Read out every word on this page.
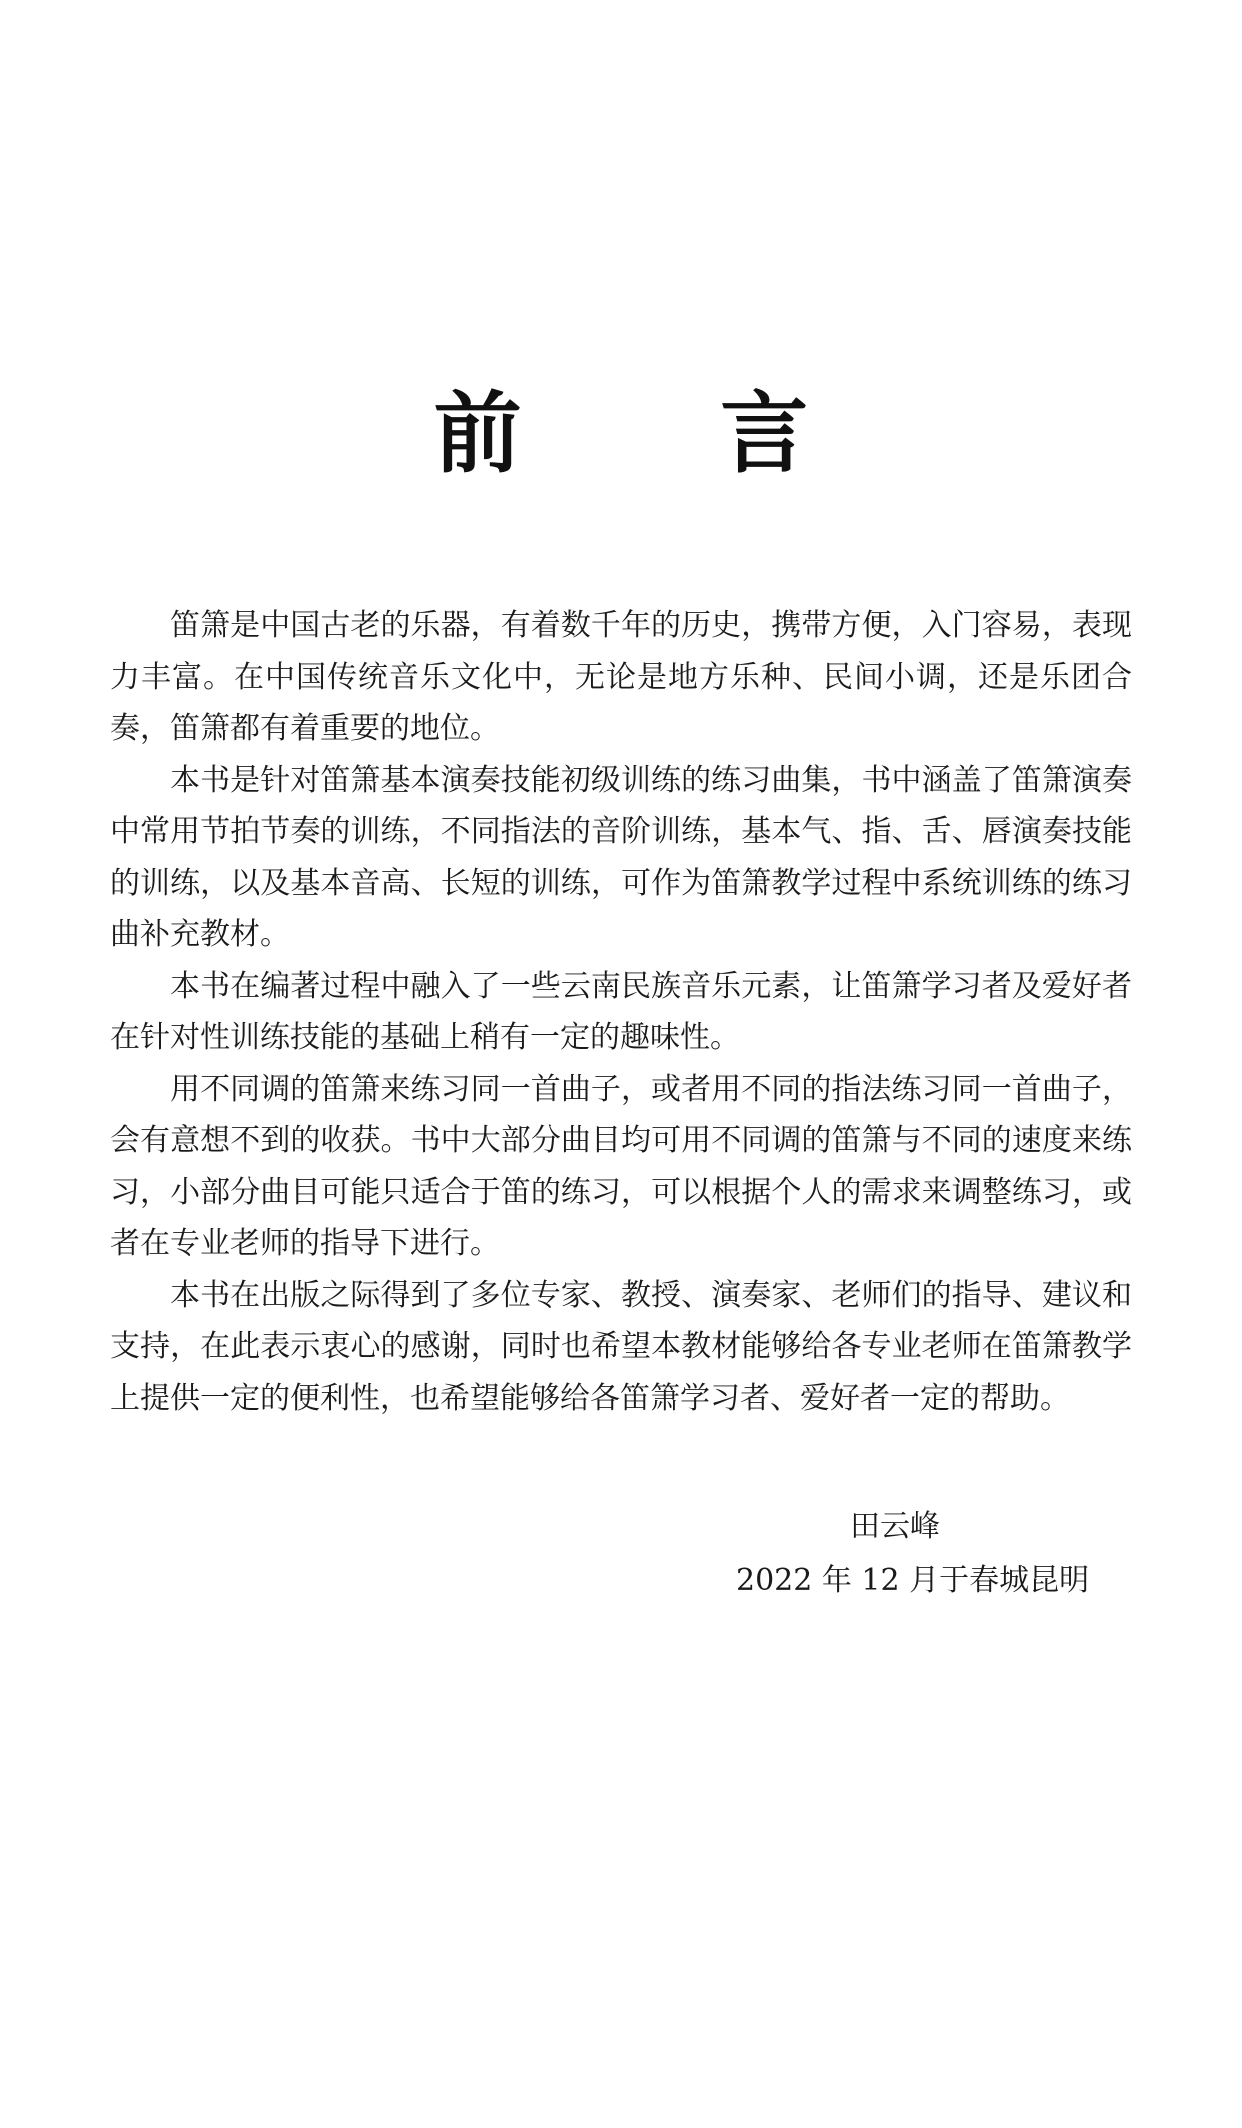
前 言

笛箫是中国古老的乐器，有着数千年的历史，携带方便，入门容易，表现力丰富。在中国传统音乐文化中，无论是地方乐种、民间小调，还是乐团合奏，笛箫都有着重要的地位。

本书是针对笛箫基本演奏技能初级训练的练习曲集，书中涵盖了笛箫演奏中常用节拍节奏的训练，不同指法的音阶训练，基本气、指、舌、唇演奏技能的训练，以及基本音高、长短的训练，可作为笛箫教学过程中系统训练的练习曲补充教材。

本书在编著过程中融入了一些云南民族音乐元素，让笛箫学习者及爱好者在针对性训练技能的基础上稍有一定的趣味性。

用不同调的笛箫来练习同一首曲子，或者用不同的指法练习同一首曲子，会有意想不到的收获。书中大部分曲目均可用不同调的笛箫与不同的速度来练习，小部分曲目可能只适合于笛的练习，可以根据个人的需求来调整练习，或者在专业老师的指导下进行。

本书在出版之际得到了多位专家、教授、演奏家、老师们的指导、建议和支持，在此表示衷心的感谢，同时也希望本教材能够给各专业老师在笛箫教学上提供一定的便利性，也希望能够给各笛箫学习者、爱好者一定的帮助。

田云峰
2022 年 12 月于春城昆明
